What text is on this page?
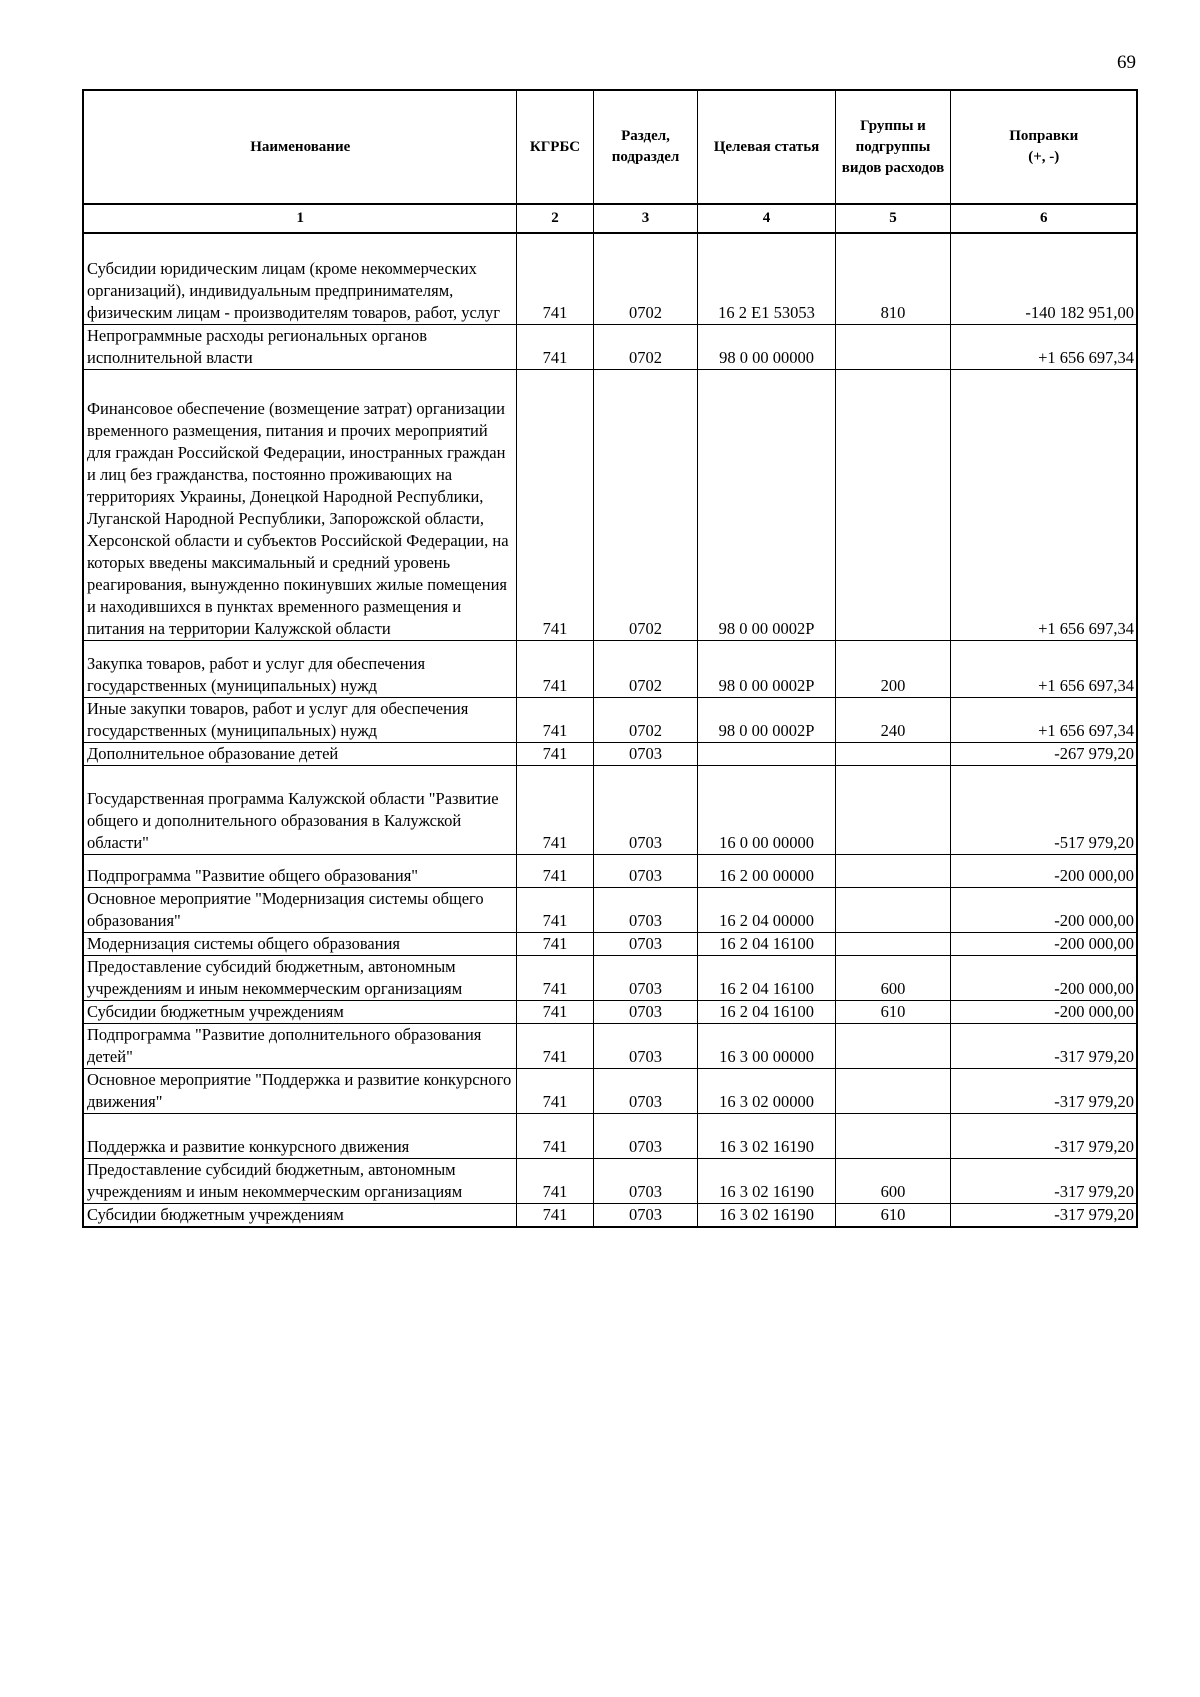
69
Наименование	КГРБС	Раздел, подраздел	Целевая статья	Группы и подгруппы видов расходов	Поправки
(+, -)
1	2	3	4	5	6
Субсидии юридическим лицам (кроме некоммерческих организаций), индивидуальным предпринимателям, физическим лицам - производителям товаров, работ, услуг	741	0702	16 2 E1 53053	810	-140 182 951,00
Непрограммные расходы региональных органов исполнительной власти	741	0702	98 0 00 00000		+1 656 697,34
Финансовое обеспечение (возмещение затрат) организации временного размещения, питания и прочих мероприятий для граждан Российской Федерации, иностранных граждан и лиц без гражданства, постоянно проживающих на территориях Украины, Донецкой Народной Республики, Луганской Народной Республики, Запорожской области, Херсонской области и субъектов Российской Федерации, на которых введены максимальный и средний уровень реагирования, вынужденно покинувших жилые помещения и находившихся в пунктах временного размещения и питания на территории Калужской области	741	0702	98 0 00 0002Р		+1 656 697,34
Закупка товаров, работ и услуг для обеспечения государственных (муниципальных) нужд	741	0702	98 0 00 0002Р	200	+1 656 697,34
Иные закупки товаров, работ и услуг для обеспечения государственных (муниципальных) нужд	741	0702	98 0 00 0002Р	240	+1 656 697,34
Дополнительное образование детей	741	0703			-267 979,20
Государственная программа Калужской области "Развитие общего и дополнительного образования в Калужской области"	741	0703	16 0 00 00000		-517 979,20
Подпрограмма "Развитие общего образования"	741	0703	16 2 00 00000		-200 000,00
Основное мероприятие "Модернизация системы общего образования"	741	0703	16 2 04 00000		-200 000,00
Модернизация системы общего образования	741	0703	16 2 04 16100		-200 000,00
Предоставление субсидий бюджетным, автономным учреждениям и иным некоммерческим организациям	741	0703	16 2 04 16100	600	-200 000,00
Субсидии бюджетным учреждениям	741	0703	16 2 04 16100	610	-200 000,00
Подпрограмма "Развитие дополнительного образования детей"	741	0703	16 3 00 00000		-317 979,20
Основное мероприятие "Поддержка и развитие конкурсного движения"	741	0703	16 3 02 00000		-317 979,20
Поддержка и развитие конкурсного движения	741	0703	16 3 02 16190		-317 979,20
Предоставление субсидий бюджетным, автономным учреждениям и иным некоммерческим организациям	741	0703	16 3 02 16190	600	-317 979,20
Субсидии бюджетным учреждениям	741	0703	16 3 02 16190	610	-317 979,20
